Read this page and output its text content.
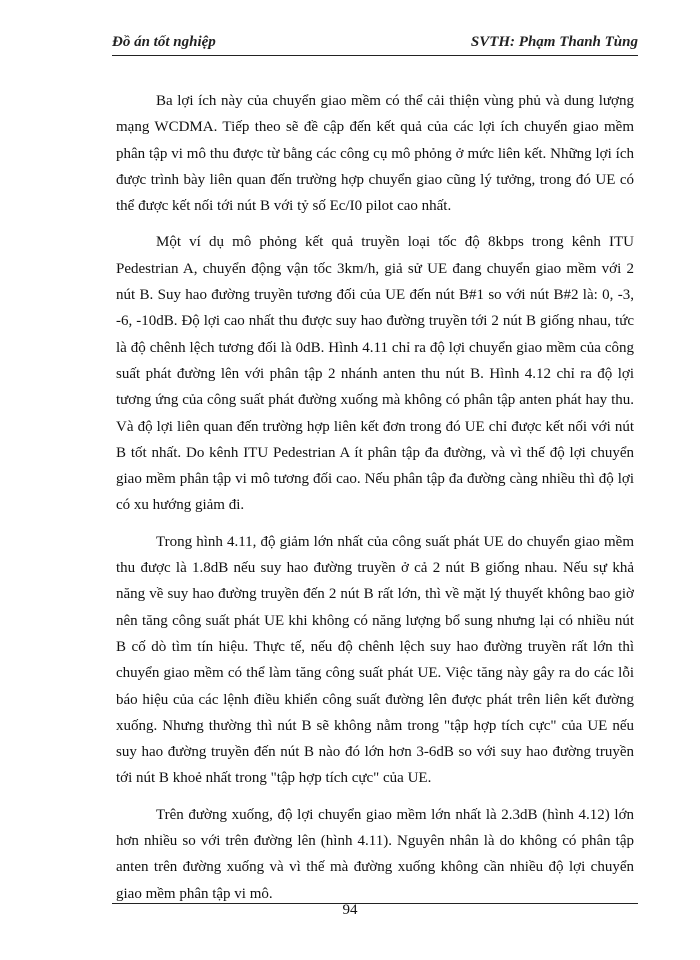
Đồ án tốt nghiệp	SVTH: Phạm Thanh Tùng

Ba lợi ích này của chuyển giao mềm có thể cải thiện vùng phủ và dung lượng mạng WCDMA. Tiếp theo sẽ đề cập đến kết quả của các lợi ích chuyển giao mềm phân tập vi mô thu được từ bằng các công cụ mô phỏng ở mức liên kết. Những lợi ích được trình bày liên quan đến trường hợp chuyển giao cũng lý tưởng, trong đó UE có thể được kết nối tới nút B với tỷ số Ec/I0 pilot cao nhất.

Một ví dụ mô phỏng kết quả truyền loại tốc độ 8kbps trong kênh ITU Pedestrian A, chuyển động vận tốc 3km/h, giả sử UE đang chuyển giao mềm với 2 nút B. Suy hao đường truyền tương đối của UE đến nút B#1 so với nút B#2 là: 0, -3, -6, -10dB. Độ lợi cao nhất thu được suy hao đường truyền tới 2 nút B giống nhau, tức là độ chênh lệch tương đối là 0dB. Hình 4.11 chỉ ra độ lợi chuyển giao mềm của công suất phát đường lên với phân tập 2 nhánh anten thu nút B. Hình 4.12 chỉ ra độ lợi tương ứng của công suất phát đường xuống mà không có phân tập anten phát hay thu. Và độ lợi liên quan đến trường hợp liên kết đơn trong đó UE chỉ được kết nối với nút B tốt nhất. Do kênh ITU Pedestrian A ít phân tập đa đường, và vì thế độ lợi chuyển giao mềm phân tập vi mô tương đối cao. Nếu phân tập đa đường càng nhiều thì độ lợi có xu hướng giảm đi.

Trong hình 4.11, độ giảm lớn nhất của công suất phát UE do chuyển giao mềm thu được là 1.8dB nếu suy hao đường truyền ở cả 2 nút B giống nhau. Nếu sự khả năng về suy hao đường truyền đến 2 nút B rất lớn, thì về mặt lý thuyết không bao giờ nên tăng công suất phát UE khi không có năng lượng bổ sung nhưng lại có nhiều nút B cố dò tìm tín hiệu. Thực tế, nếu độ chênh lệch suy hao đường truyền rất lớn thì chuyển giao mềm có thể làm tăng công suất phát UE. Việc tăng này gây ra do các lỗi báo hiệu của các lệnh điều khiển công suất đường lên được phát trên liên kết đường xuống. Nhưng thường thì nút B sẽ không nằm trong "tập hợp tích cực" của UE nếu suy hao đường truyền đến nút B nào đó lớn hơn 3-6dB so với suy hao đường truyền tới nút B khoẻ nhất trong "tập hợp tích cực" của UE.

Trên đường xuống, độ lợi chuyển giao mềm lớn nhất là 2.3dB (hình 4.12) lớn hơn nhiều so với trên đường lên (hình 4.11). Nguyên nhân là do không có phân tập anten trên đường xuống và vì thế mà đường xuống không cần nhiều độ lợi chuyển giao mềm phân tập vi mô.

94
